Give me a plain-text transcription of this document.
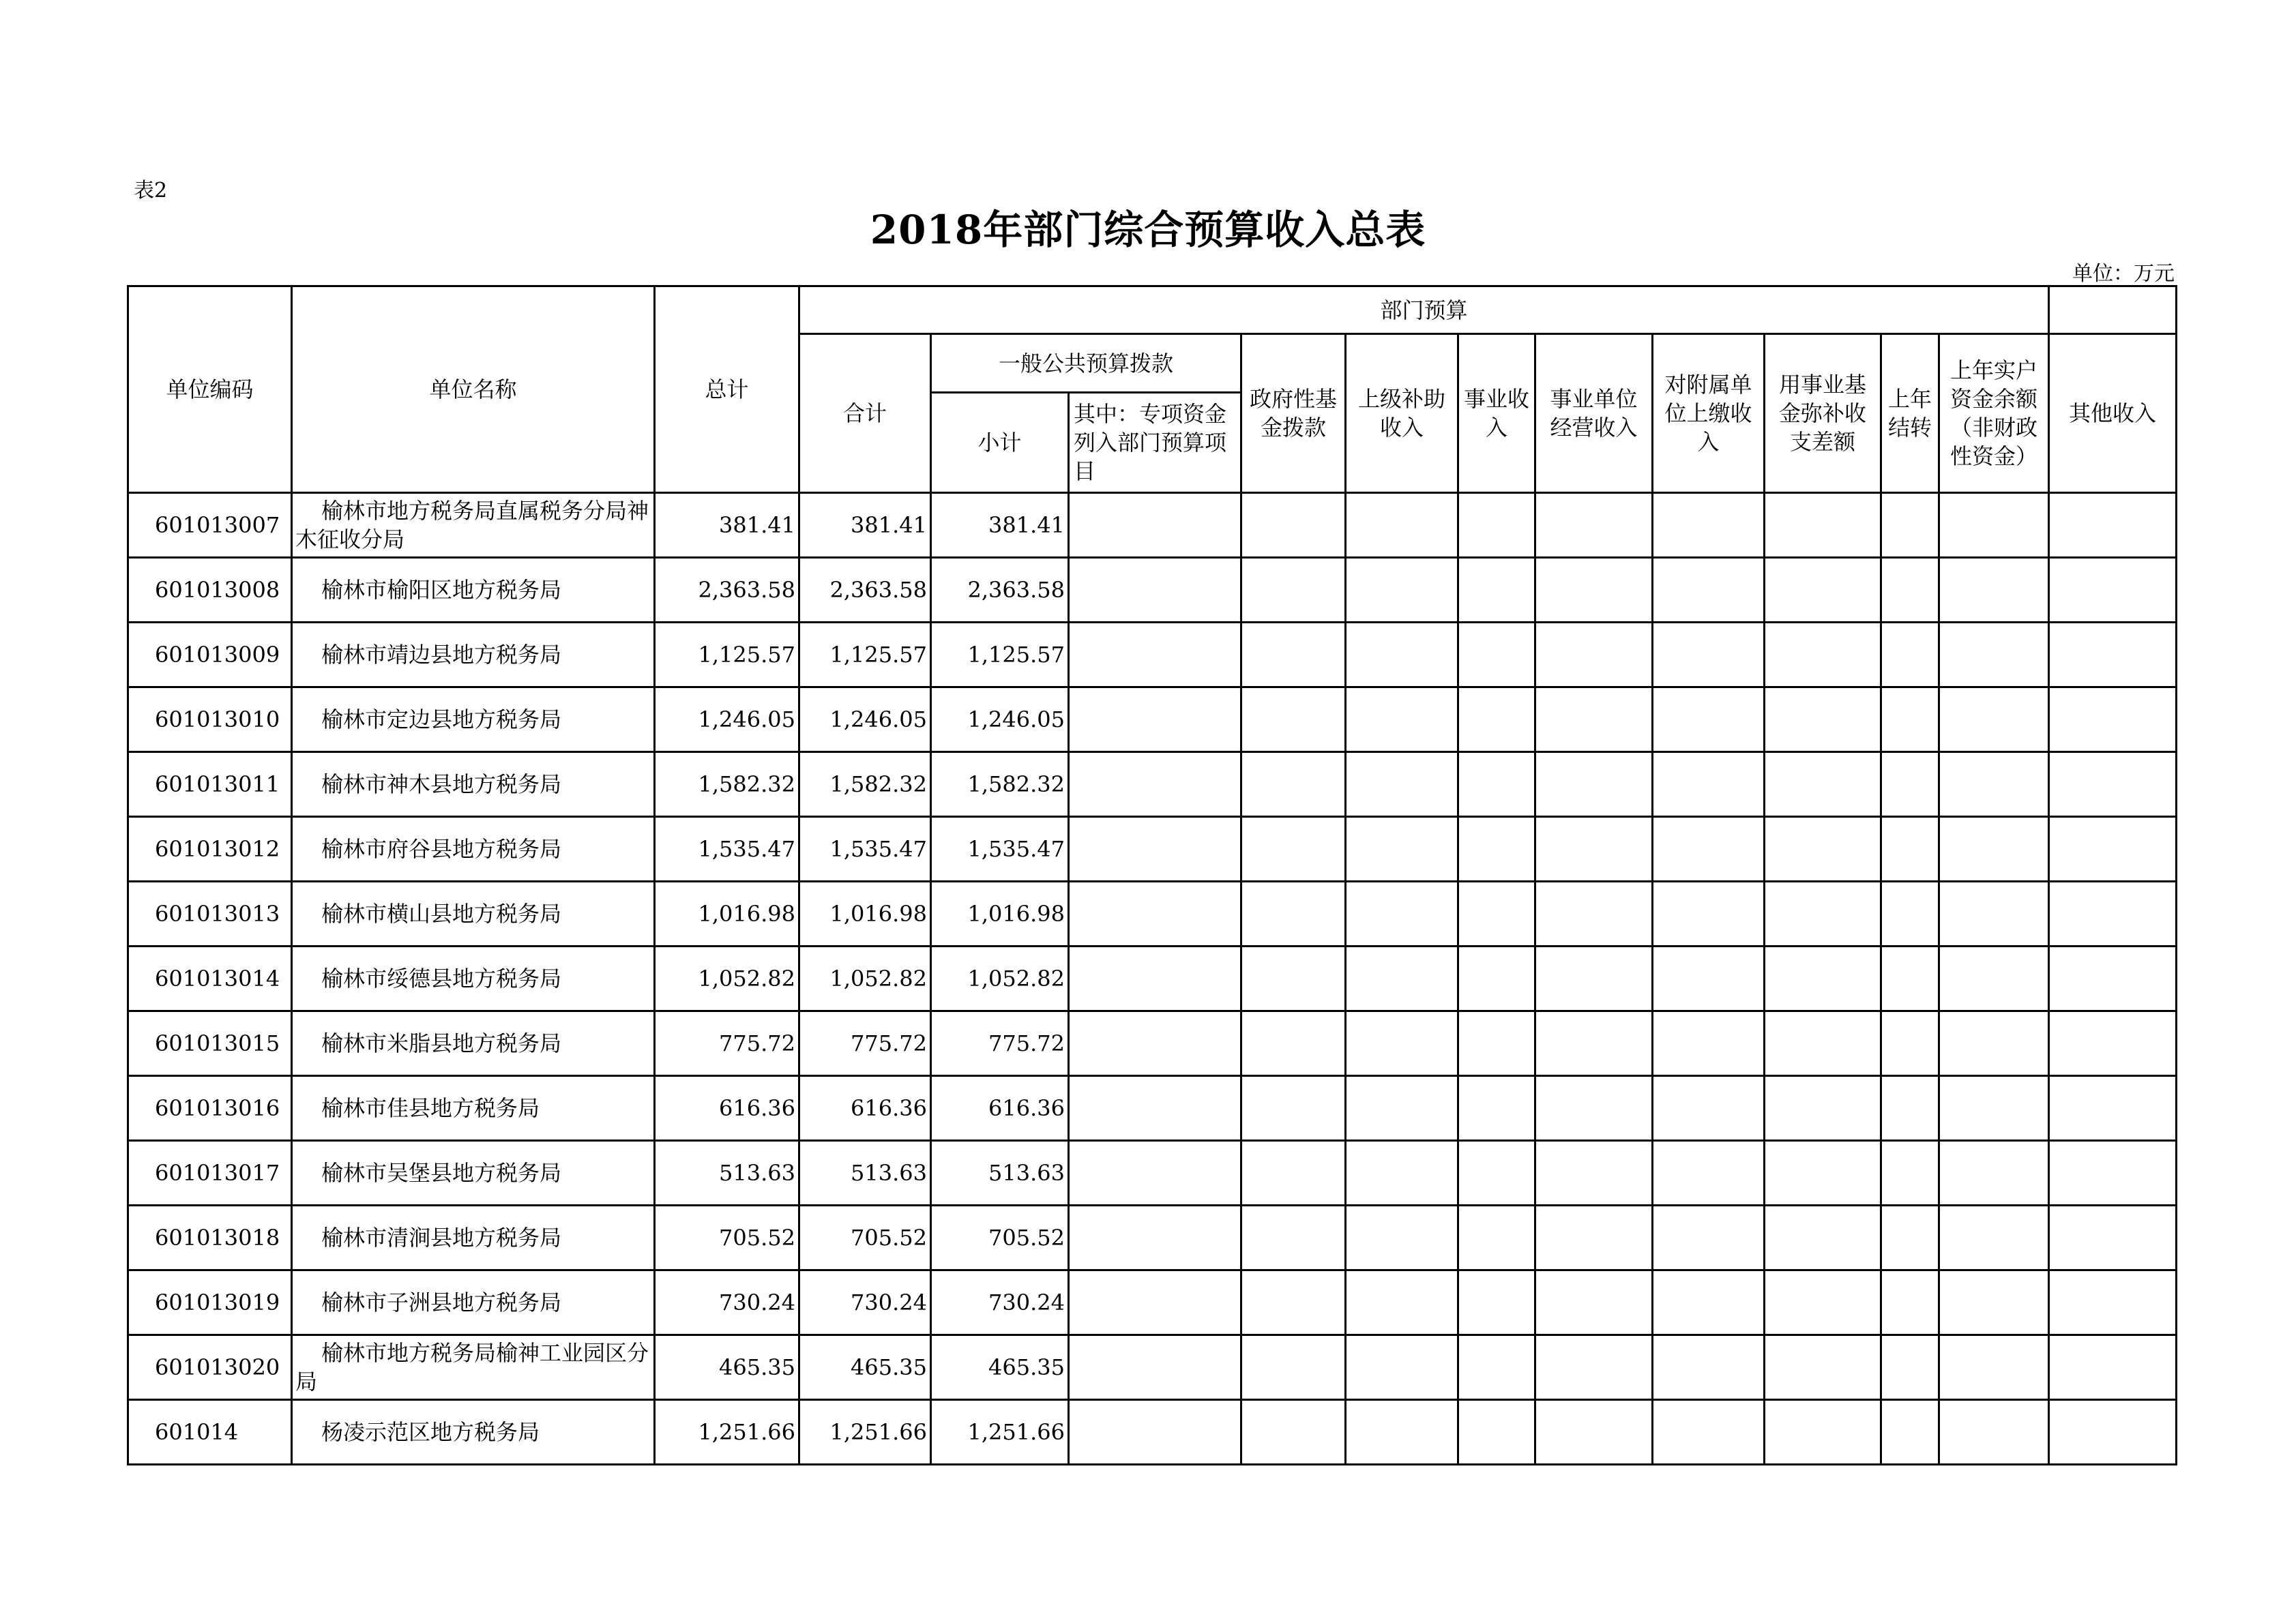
表2
2018年部门综合预算收入总表
单位：万元
单位编码	单位名称	总计	部门预算											
			合计	一般公共预算拨款		政府性基金拨款	上级补助收入	事业收入	事业单位经营收入	对附属单位上缴收入	用事业基金弥补收支差额	上年结转	上年实户资金余额（非财政性资金）	其他收入
				小计	其中：专项资金列入部门预算项目									
601013007	榆林市地方税务局直属税务分局神木征收分局	381.41	381.41	381.41										
601013008	榆林市榆阳区地方税务局	2,363.58	2,363.58	2,363.58										
601013009	榆林市靖边县地方税务局	1,125.57	1,125.57	1,125.57										
601013010	榆林市定边县地方税务局	1,246.05	1,246.05	1,246.05										
601013011	榆林市神木县地方税务局	1,582.32	1,582.32	1,582.32										
601013012	榆林市府谷县地方税务局	1,535.47	1,535.47	1,535.47										
601013013	榆林市横山县地方税务局	1,016.98	1,016.98	1,016.98										
601013014	榆林市绥德县地方税务局	1,052.82	1,052.82	1,052.82										
601013015	榆林市米脂县地方税务局	775.72	775.72	775.72										
601013016	榆林市佳县地方税务局	616.36	616.36	616.36										
601013017	榆林市吴堡县地方税务局	513.63	513.63	513.63										
601013018	榆林市清涧县地方税务局	705.52	705.52	705.52										
601013019	榆林市子洲县地方税务局	730.24	730.24	730.24										
601013020	榆林市地方税务局榆神工业园区分局	465.35	465.35	465.35										
601014	杨凌示范区地方税务局	1,251.66	1,251.66	1,251.66										
